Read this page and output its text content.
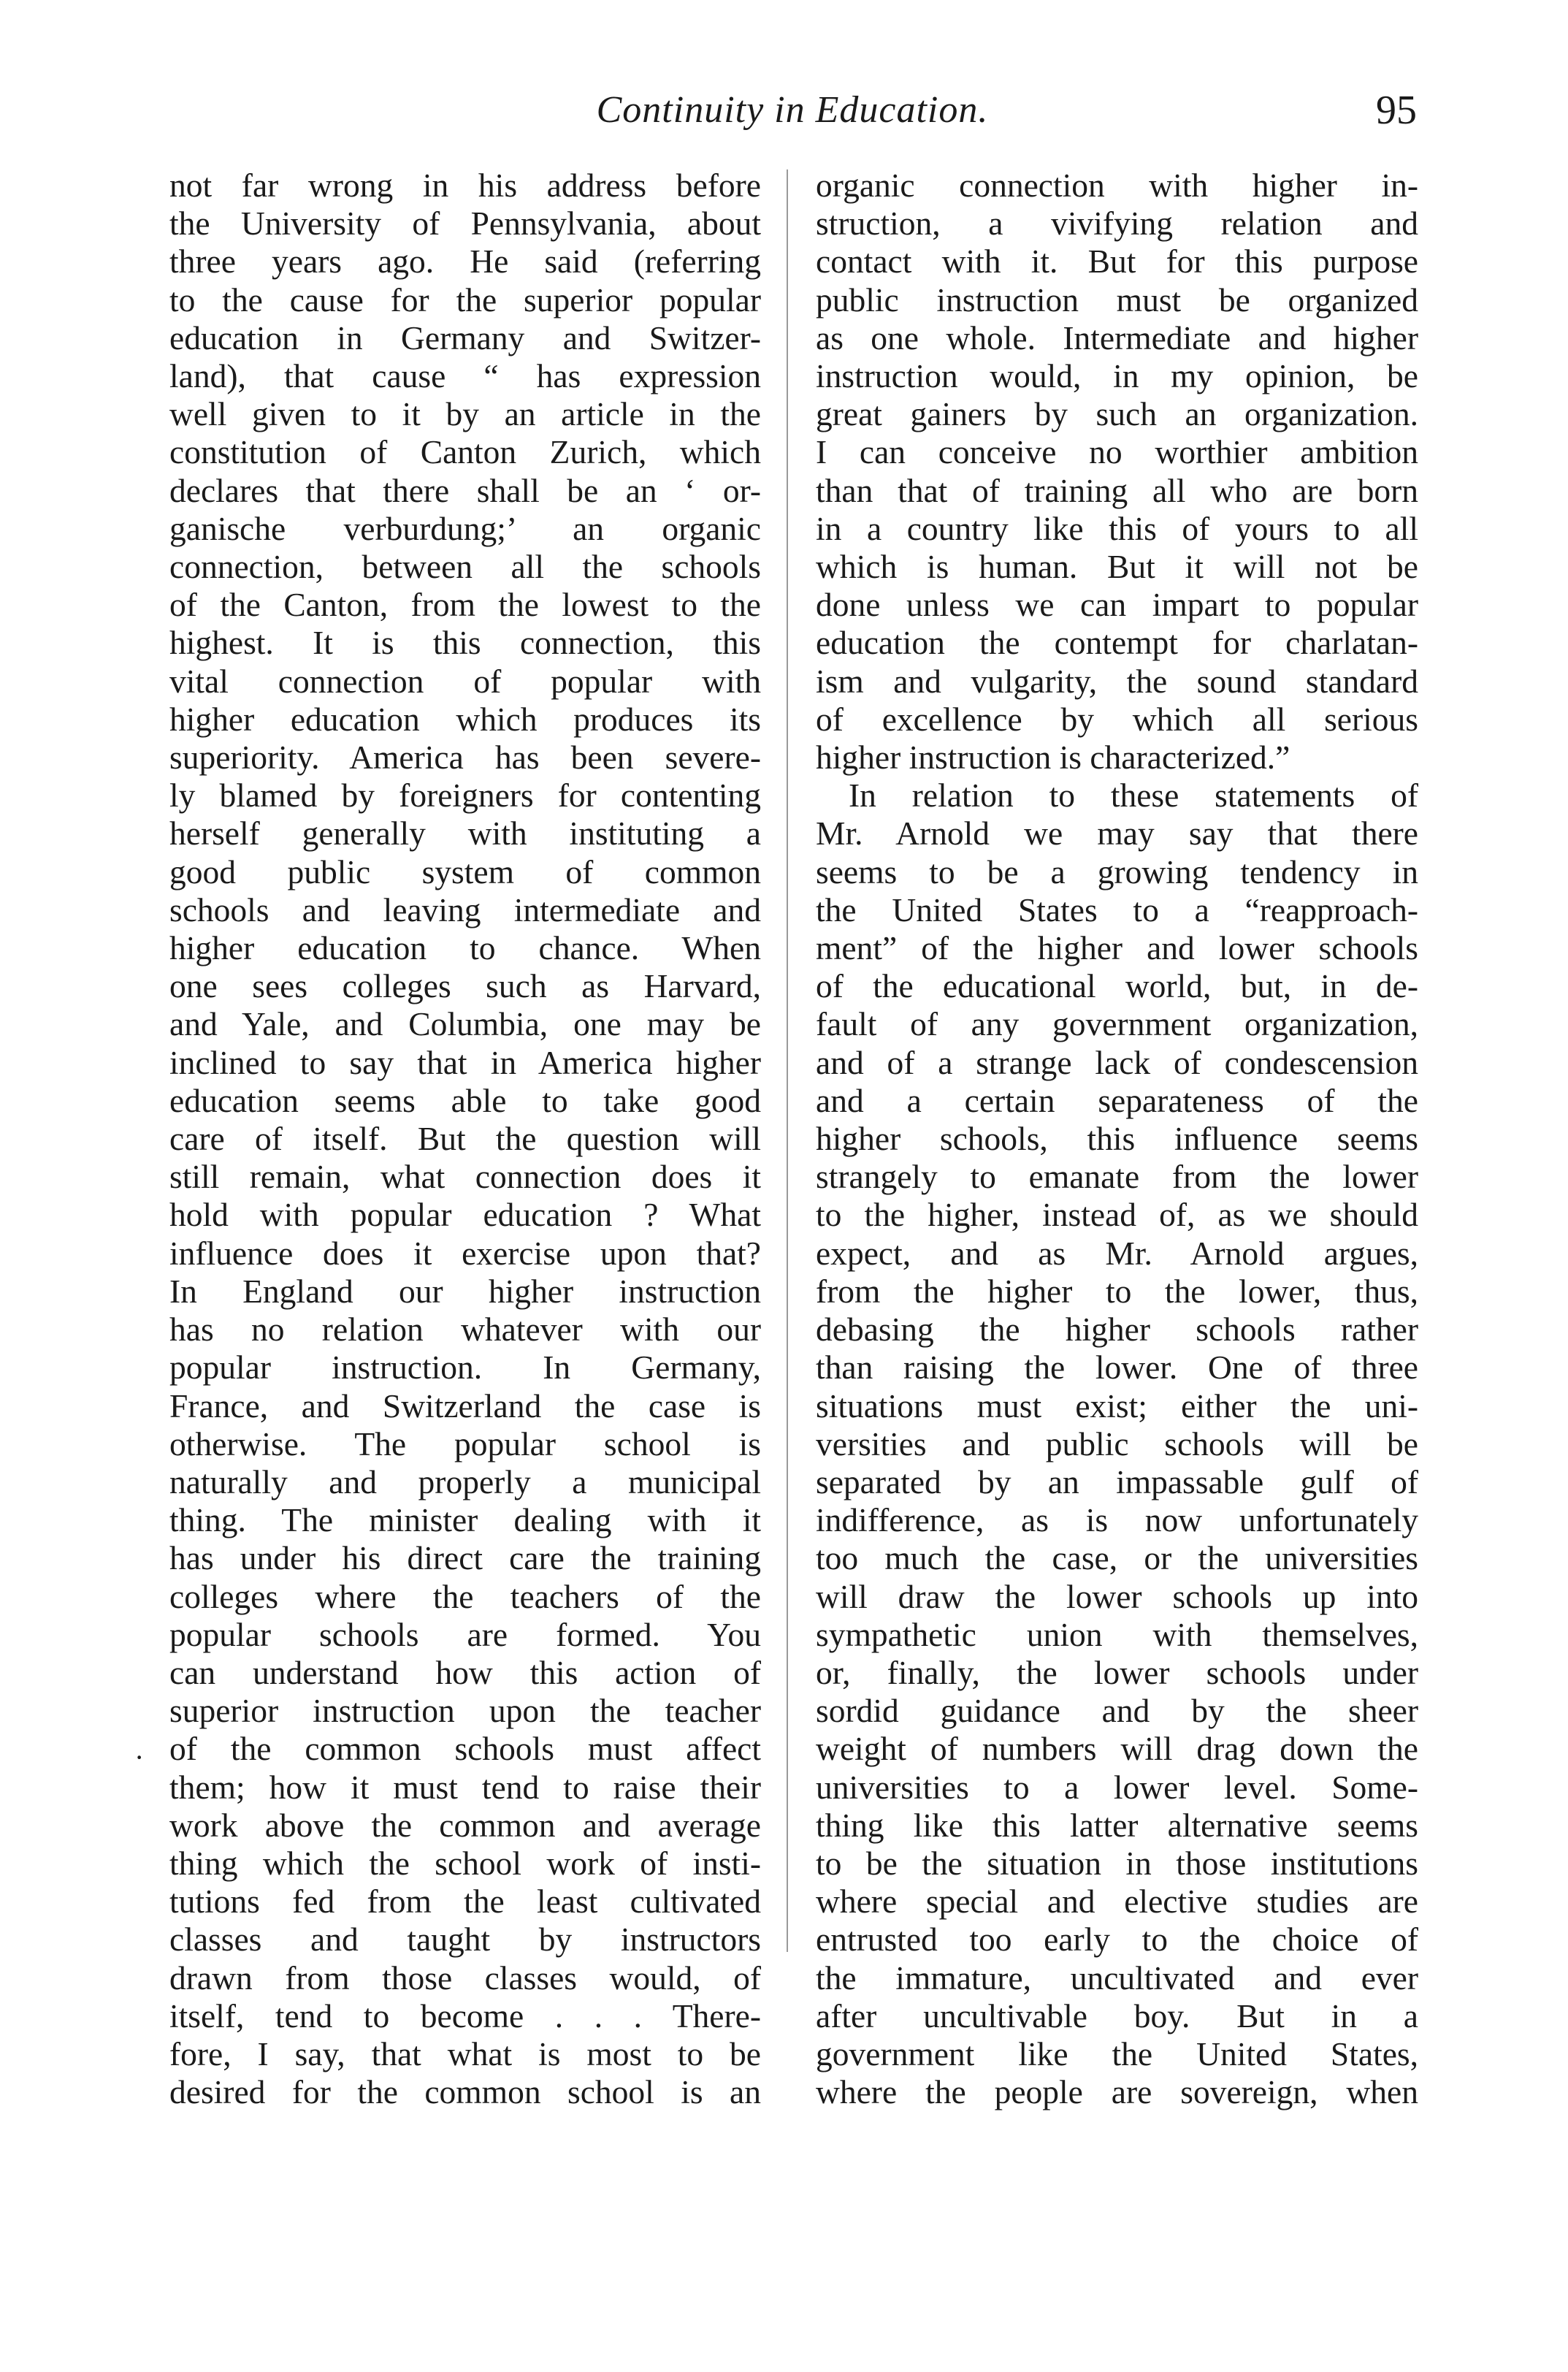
Continuity in Education.	95
·
not far wrong in his address before
the University of Pennsylvania, about
three years ago. He said (referring
to the cause for the superior popular
education in Germany and Switzer-
land), that cause “ has expression
well given to it by an article in the
constitution of Canton Zurich, which
declares that there shall be an ‘ or-
ganische verburdung;’ an organic
connection, between all the schools
of the Canton, from the lowest to the
highest. It is this connection, this
vital connection of popular with
higher education which produces its
superiority. America has been severe-
ly blamed by foreigners for contenting
herself generally with instituting a
good public system of common
schools and leaving intermediate and
higher education to chance. When
one sees colleges such as Harvard,
and Yale, and Columbia, one may be
inclined to say that in America higher
education seems able to take good
care of itself. But the question will
still remain, what connection does it
hold with popular education ? What
influence does it exercise upon that?
In England our higher instruction
has no relation whatever with our
popular instruction. In Germany,
France, and Switzerland the case is
otherwise. The popular school is
naturally and properly a municipal
thing. The minister dealing with it
has under his direct care the training
colleges where the teachers of the
popular schools are formed. You
can understand how this action of
superior instruction upon the teacher
of the common schools must affect
them; how it must tend to raise their
work above the common and average
thing which the school work of insti-
tutions fed from the least cultivated
classes and taught by instructors
drawn from those classes would, of
itself, tend to become . . . There-
fore, I say, that what is most to be
desired for the common school is an
organic connection with higher in-
struction, a vivifying relation and
contact with it. But for this purpose
public instruction must be organized
as one whole. Intermediate and higher
instruction would, in my opinion, be
great gainers by such an organization.
I can conceive no worthier ambition
than that of training all who are born
in a country like this of yours to all
which is human. But it will not be
done unless we can impart to popular
education the contempt for charlatan-
ism and vulgarity, the sound standard
of excellence by which all serious
higher instruction is characterized.”
In relation to these statements of
Mr. Arnold we may say that there
seems to be a growing tendency in
the United States to a “reapproach-
ment” of the higher and lower schools
of the educational world, but, in de-
fault of any government organization,
and of a strange lack of condescension
and a certain separateness of the
higher schools, this influence seems
strangely to emanate from the lower
to the higher, instead of, as we should
expect, and as Mr. Arnold argues,
from the higher to the lower, thus,
debasing the higher schools rather
than raising the lower. One of three
situations must exist; either the uni-
versities and public schools will be
separated by an impassable gulf of
indifference, as is now unfortunately
too much the case, or the universities
will draw the lower schools up into
sympathetic union with themselves,
or, finally, the lower schools under
sordid guidance and by the sheer
weight of numbers will drag down the
universities to a lower level. Some-
thing like this latter alternative seems
to be the situation in those institutions
where special and elective studies are
entrusted too early to the choice of
the immature, uncultivated and ever
after uncultivable boy. But in a
government like the United States,
where the people are sovereign, when
